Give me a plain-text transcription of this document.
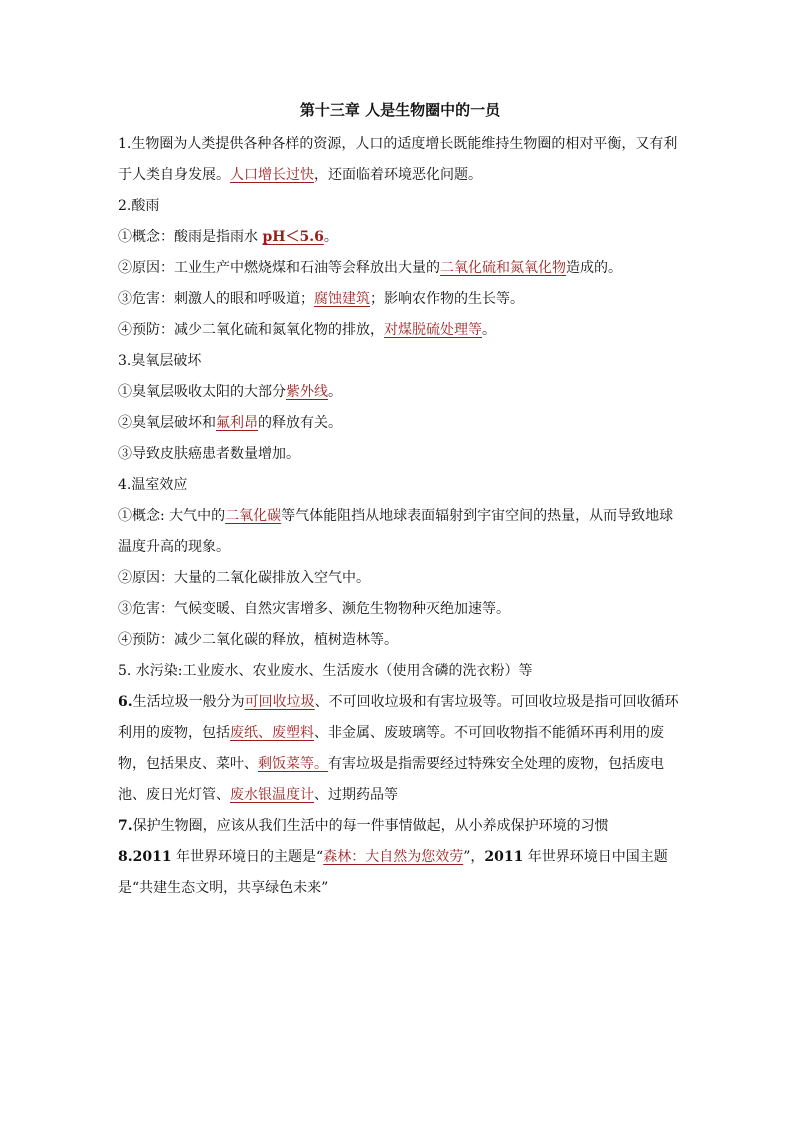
第十三章 人是生物圈中的一员

1.生物圈为人类提供各种各样的资源，人口的适度增长既能维持生物圈的相对平衡，又有利于人类自身发展。人口增长过快，还面临着环境恶化问题。

2.酸雨

①概念：酸雨是指雨水 pH＜5.6。

②原因：工业生产中燃烧煤和石油等会释放出大量的二氧化硫和氮氧化物造成的。

③危害：刺激人的眼和呼吸道；腐蚀建筑；影响农作物的生长等。

④预防：减少二氧化硫和氮氧化物的排放，对煤脱硫处理等。

3.臭氧层破坏

①臭氧层吸收太阳的大部分紫外线。

②臭氧层破坏和氟利昂的释放有关。

③导致皮肤癌患者数量增加。

4.温室效应

①概念: 大气中的二氧化碳等气体能阻挡从地球表面辐射到宇宙空间的热量，从而导致地球温度升高的现象。

②原因：大量的二氧化碳排放入空气中。

③危害：气候变暖、自然灾害增多、濒危生物物种灭绝加速等。

④预防：减少二氧化碳的释放，植树造林等。

5. 水污染:工业废水、农业废水、生活废水（使用含磷的洗衣粉）等

6.生活垃圾一般分为可回收垃圾、不可回收垃圾和有害垃圾等。可回收垃圾是指可回收循环利用的废物，包括废纸、废塑料、非金属、废玻璃等。不可回收物指不能循环再利用的废物，包括果皮、菜叶、剩饭菜等。有害垃圾是指需要经过特殊安全处理的废物，包括废电池、废日光灯管、废水银温度计、过期药品等

7.保护生物圈，应该从我们生活中的每一件事情做起，从小养成保护环境的习惯

8.2011 年世界环境日的主题是“森林：大自然为您效劳”，2011 年世界环境日中国主题是“共建生态文明，共享绿色未来”
